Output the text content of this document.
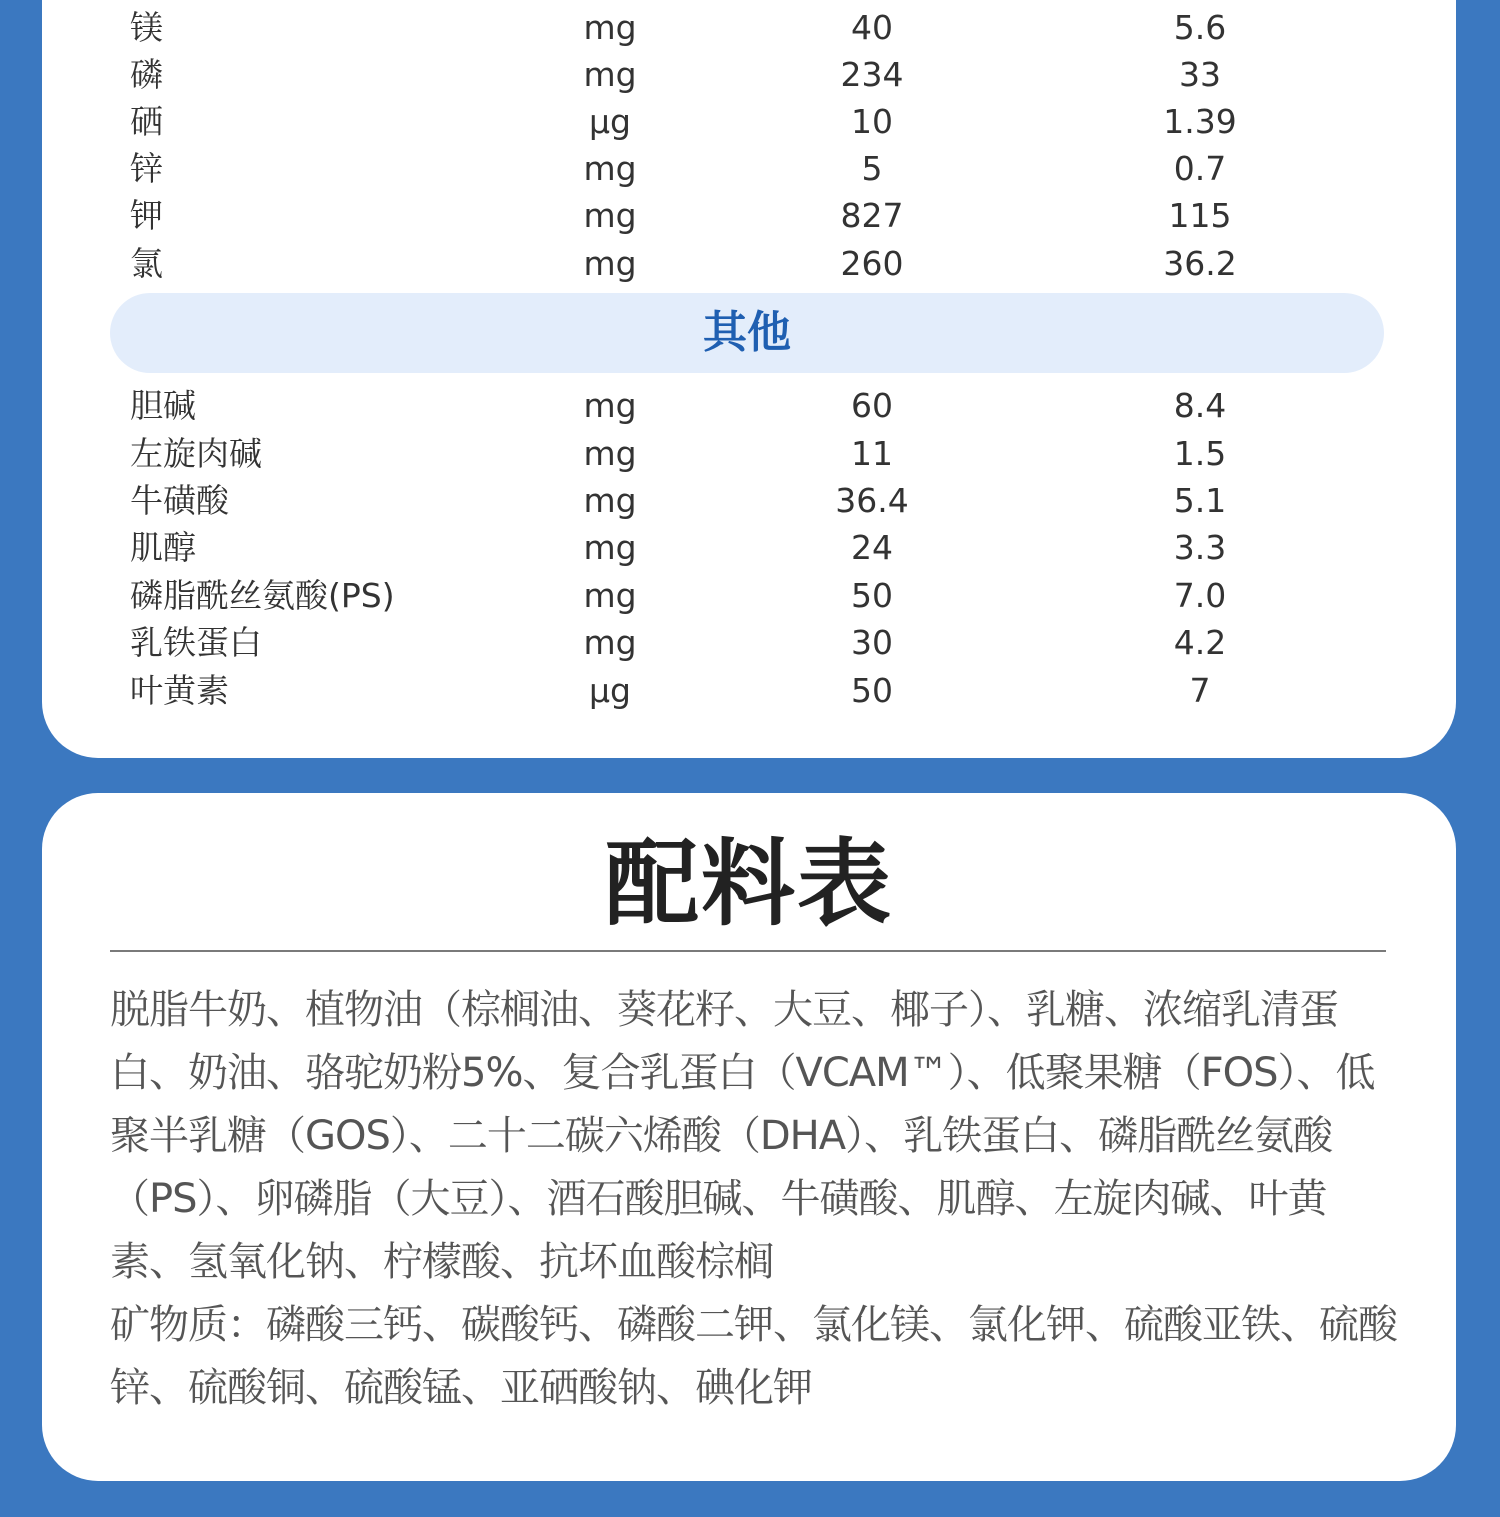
镁	mg	40	5.6
磷	mg	234	33
硒	μg	10	1.39
锌	mg	5	0.7
钾	mg	827	115
氯	mg	260	36.2
其他
胆碱	mg	60	8.4
左旋肉碱	mg	11	1.5
牛磺酸	mg	36.4	5.1
肌醇	mg	24	3.3
磷脂酰丝氨酸(PS)	mg	50	7.0
乳铁蛋白	mg	30	4.2
叶黄素	μg	50	7
配料表

脱脂牛奶、植物油（棕榈油、葵花籽、大豆、椰子）、乳糖、浓缩乳清蛋白、奶油、骆驼奶粉5%、复合乳蛋白（VCAM™）、低聚果糖（FOS）、低聚半乳糖（GOS）、二十二碳六烯酸（DHA）、乳铁蛋白、磷脂酰丝氨酸（PS）、卵磷脂（大豆）、酒石酸胆碱、牛磺酸、肌醇、左旋肉碱、叶黄素、氢氧化钠、柠檬酸、抗坏血酸棕榈

矿物质：磷酸三钙、碳酸钙、磷酸二钾、氯化镁、氯化钾、硫酸亚铁、硫酸锌、硫酸铜、硫酸锰、亚硒酸钠、碘化钾
